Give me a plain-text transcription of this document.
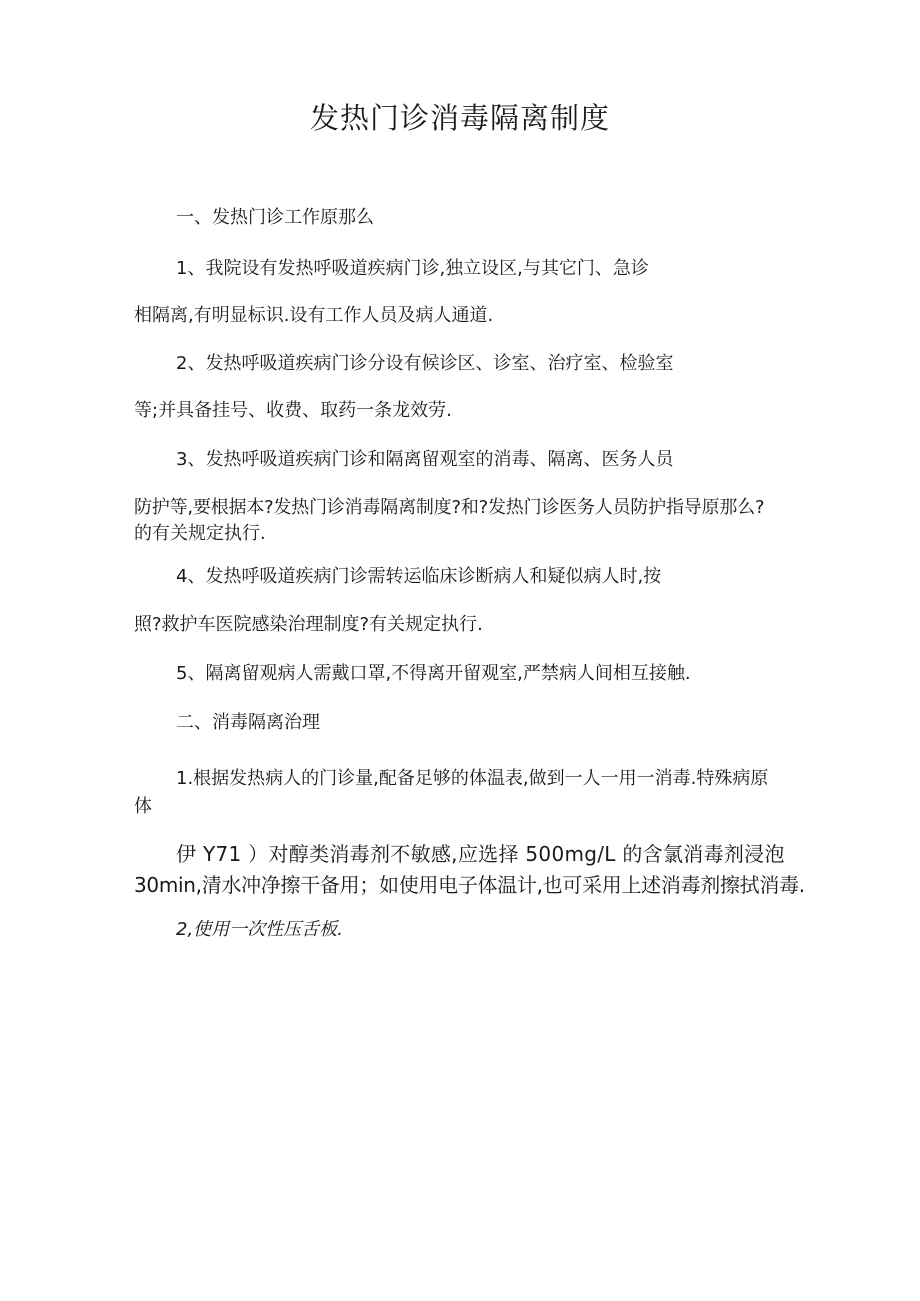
发热门诊消毒隔离制度
一、发热门诊工作原那么
1、我院设有发热呼吸道疾病门诊,独立设区,与其它门、急诊
相隔离,有明显标识.设有工作人员及病人通道.
2、发热呼吸道疾病门诊分设有候诊区、诊室、治疗室、检验室
等;并具备挂号、收费、取药一条龙效劳.
3、发热呼吸道疾病门诊和隔离留观室的消毒、隔离、医务人员
防护等,要根据本?发热门诊消毒隔离制度?和?发热门诊医务人员防护指导原那么?
的有关规定执行.
4、发热呼吸道疾病门诊需转运临床诊断病人和疑似病人时,按
照?救护车医院感染治理制度?有关规定执行.
5、隔离留观病人需戴口罩,不得离开留观室,严禁病人间相互接触.
二、消毒隔离治理
1.根据发热病人的门诊量,配备足够的体温表,做到一人一用一消毒.特殊病原
体
伊 Y71 ）对醇类消毒剂不敏感,应选择 500mg/L 的含氯消毒剂浸泡
30min,清水冲净擦干备用；如使用电子体温计,也可采用上述消毒剂擦拭消毒.
2,使用一次性压舌板.
